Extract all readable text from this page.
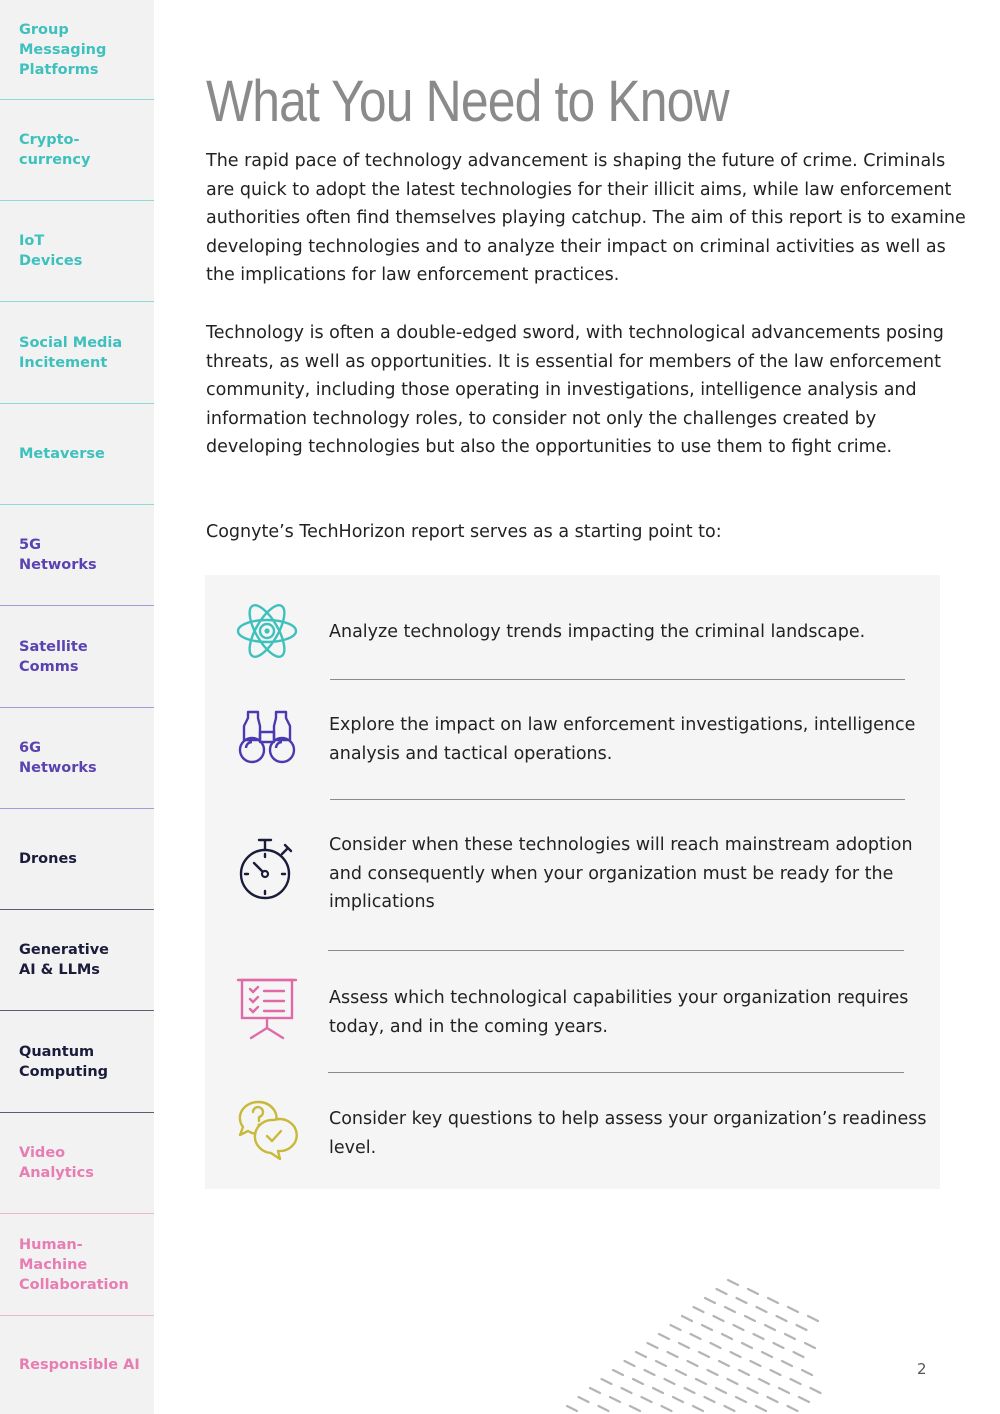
Group
Messaging
Platforms
Crypto-
currency
IoT
Devices
Social Media
Incitement
Metaverse
5G
Networks
Satellite
Comms
6G
Networks
Drones
Generative
AI & LLMs
Quantum
Computing
Video
Analytics
Human-Machine
Collaboration
Responsible AI
What You Need to Know

The rapid pace of technology advancement is shaping the future of crime. Criminals are quick to adopt the latest technologies for their illicit aims, while law enforcement authorities often find themselves playing catchup. The aim of this report is to examine developing technologies and to analyze their impact on criminal activities as well as the implications for law enforcement practices.

Technology is often a double-edged sword, with technological advancements posing threats, as well as opportunities. It is essential for members of the law enforcement community, including those operating in investigations, intelligence analysis and information technology roles, to consider not only the challenges created by developing technologies but also the opportunities to use them to fight crime.

Cognyte’s TechHorizon report serves as a starting point to:

Analyze technology trends impacting the criminal landscape.

Explore the impact on law enforcement investigations, intelligence analysis and tactical operations.

Consider when these technologies will reach mainstream adoption and consequently when your organization must be ready for the implications

Assess which technological capabilities your organization requires today, and in the coming years.

Consider key questions to help assess your organization’s readiness level.

2
